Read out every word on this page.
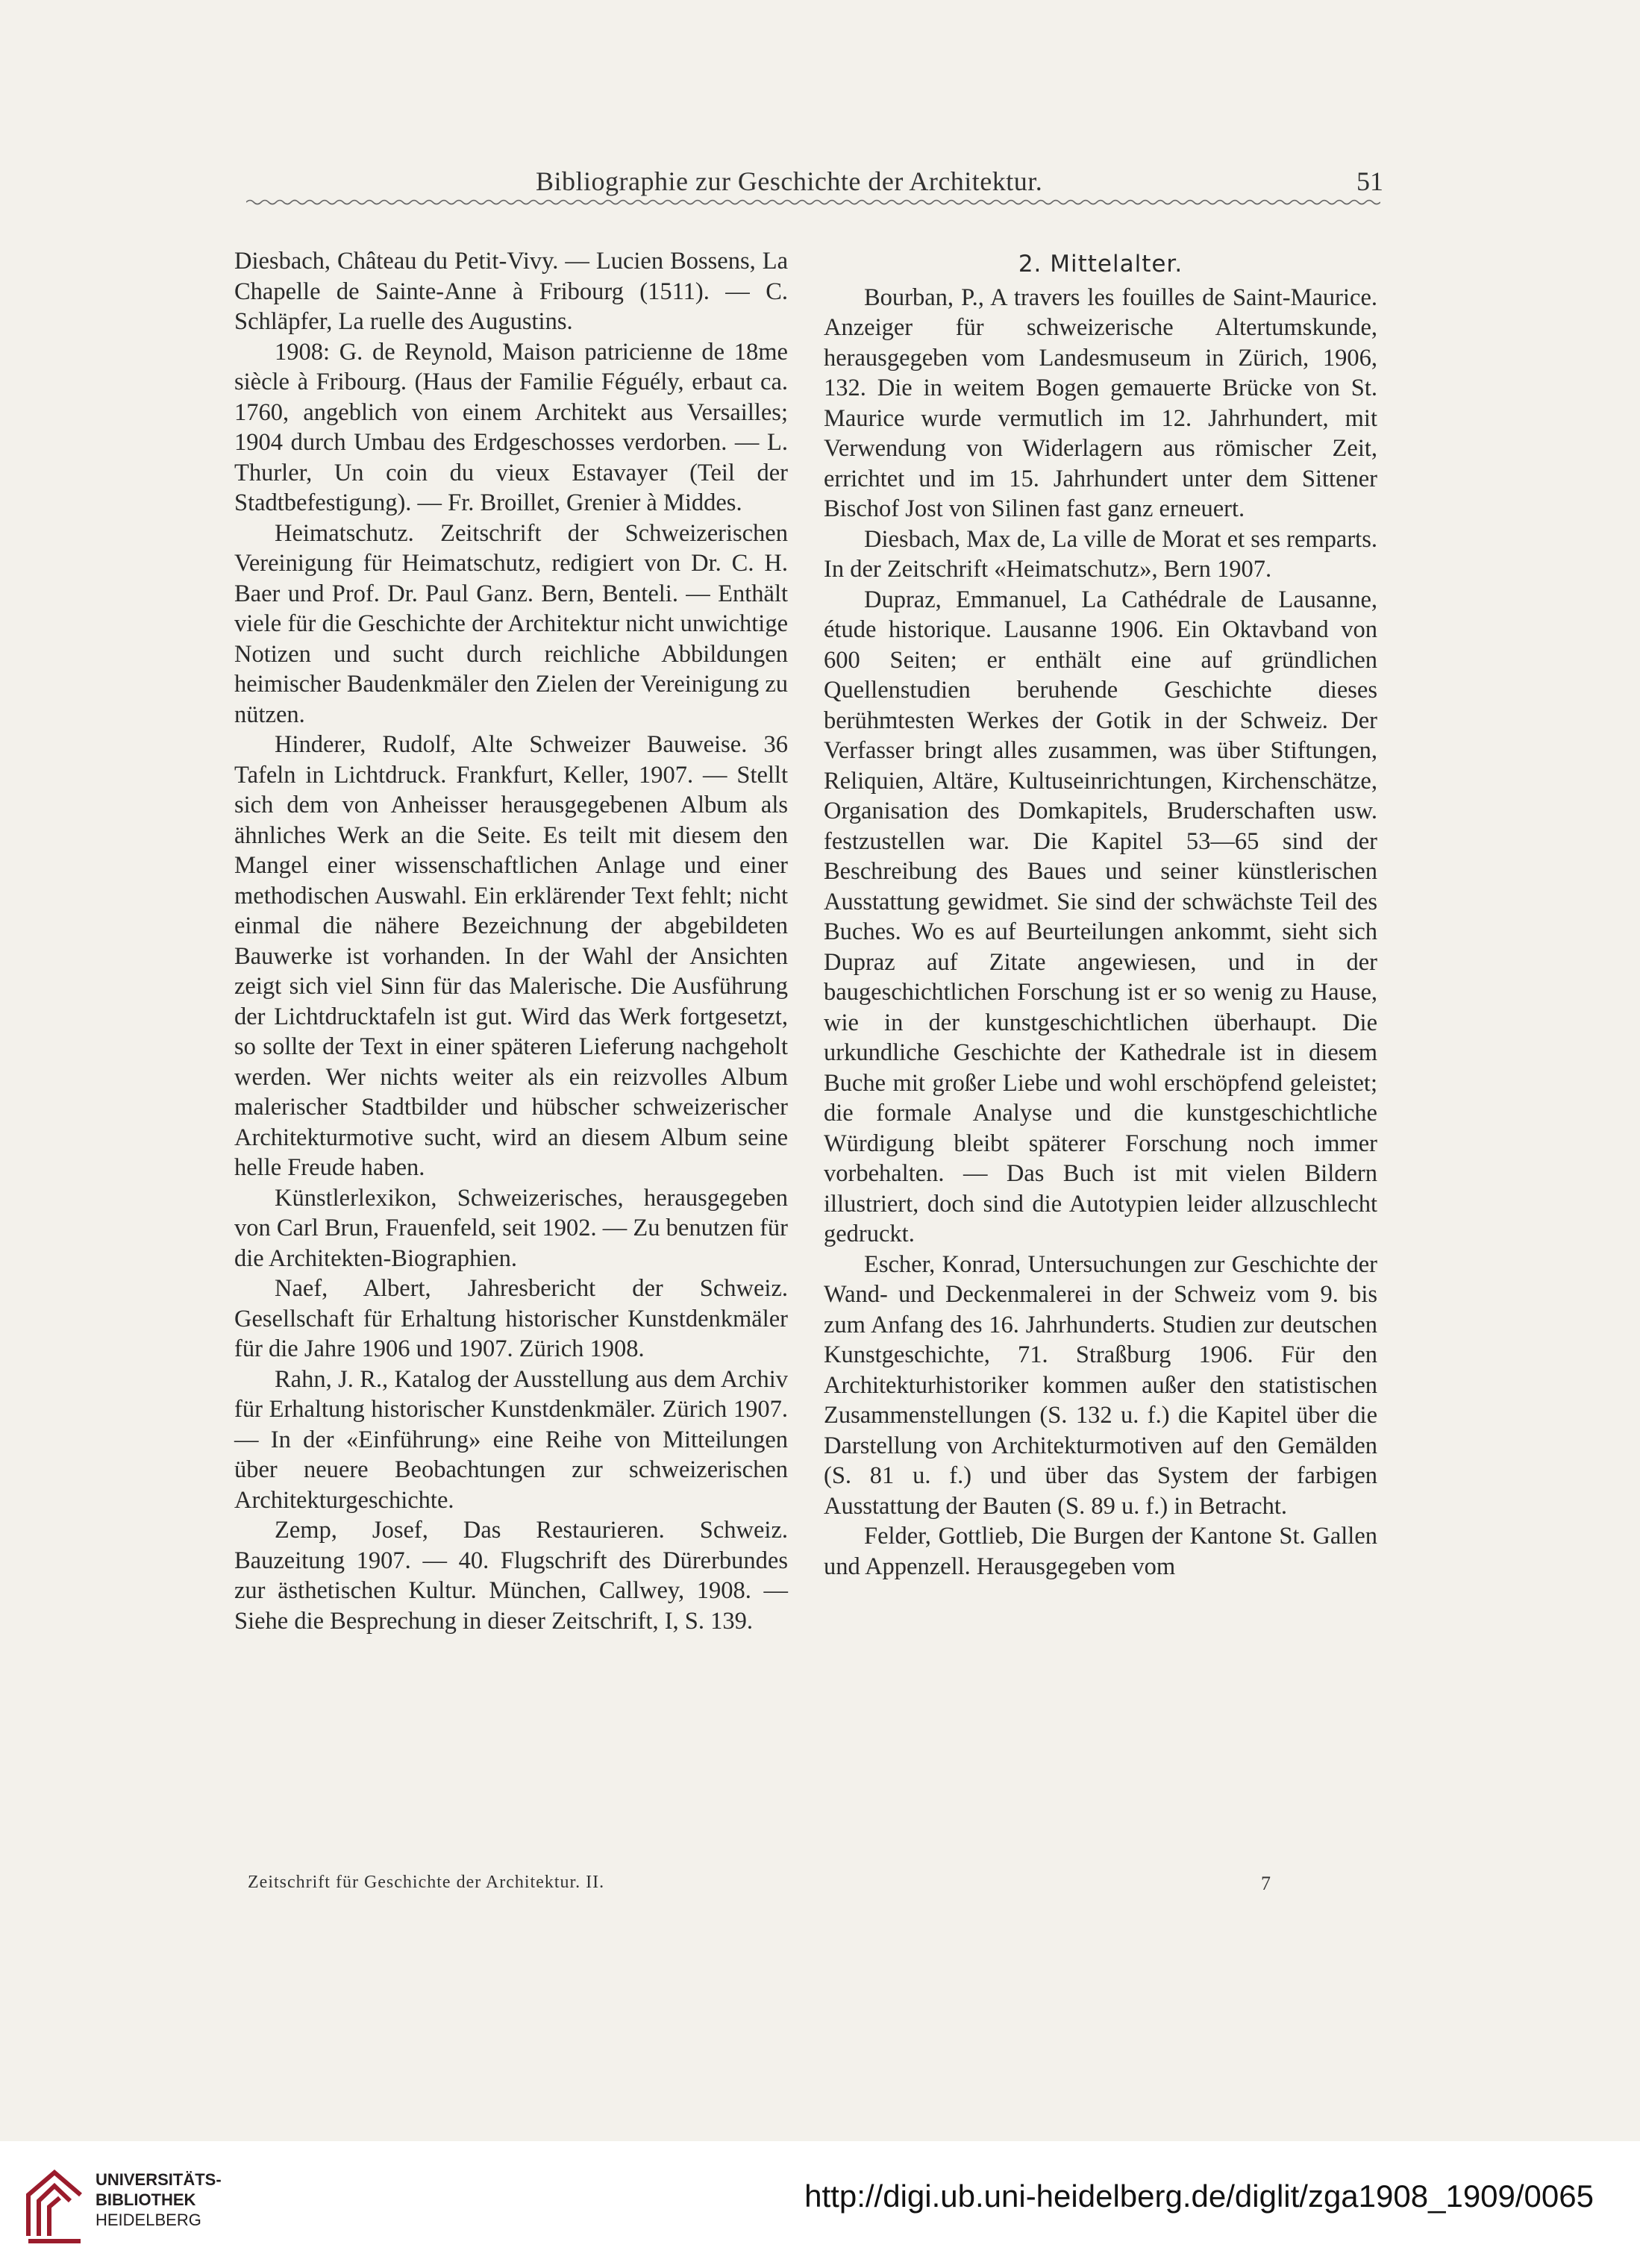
Bibliographie zur Geschichte der Architektur.	51

Diesbach, Château du Petit-Vivy. — Lucien Bossens, La Chapelle de Sainte-Anne à Fribourg (1511). — C. Schläpfer, La ruelle des Augustins.

1908: G. de Reynold, Maison patricienne de 18me siècle à Fribourg. (Haus der Familie Féguély, erbaut ca. 1760, angeblich von einem Architekt aus Versailles; 1904 durch Umbau des Erdgeschosses verdorben. — L. Thurler, Un coin du vieux Estavayer (Teil der Stadtbefestigung). — Fr. Broillet, Grenier à Middes.

Heimatschutz. Zeitschrift der Schweizerischen Vereinigung für Heimatschutz, redigiert von Dr. C. H. Baer und Prof. Dr. Paul Ganz. Bern, Benteli. — Enthält viele für die Geschichte der Architektur nicht unwichtige Notizen und sucht durch reichliche Abbildungen heimischer Baudenkmäler den Zielen der Vereinigung zu nützen.

Hinderer, Rudolf, Alte Schweizer Bauweise. 36 Tafeln in Lichtdruck. Frankfurt, Keller, 1907. — Stellt sich dem von Anheisser herausgegebenen Album als ähnliches Werk an die Seite. Es teilt mit diesem den Mangel einer wissenschaftlichen Anlage und einer methodischen Auswahl. Ein erklärender Text fehlt; nicht einmal die nähere Bezeichnung der abgebildeten Bauwerke ist vorhanden. In der Wahl der Ansichten zeigt sich viel Sinn für das Malerische. Die Ausführung der Lichtdrucktafeln ist gut. Wird das Werk fortgesetzt, so sollte der Text in einer späteren Lieferung nachgeholt werden. Wer nichts weiter als ein reizvolles Album malerischer Stadtbilder und hübscher schweizerischer Architekturmotive sucht, wird an diesem Album seine helle Freude haben.

Künstlerlexikon, Schweizerisches, herausgegeben von Carl Brun, Frauenfeld, seit 1902. — Zu benutzen für die Architekten-Biographien.

Naef, Albert, Jahresbericht der Schweiz. Gesellschaft für Erhaltung historischer Kunstdenkmäler für die Jahre 1906 und 1907. Zürich 1908.

Rahn, J. R., Katalog der Ausstellung aus dem Archiv für Erhaltung historischer Kunstdenkmäler. Zürich 1907. — In der «Einführung» eine Reihe von Mitteilungen über neuere Beobachtungen zur schweizerischen Architekturgeschichte.

Zemp, Josef, Das Restaurieren. Schweiz. Bauzeitung 1907. — 40. Flugschrift des Dürerbundes zur ästhetischen Kultur. München, Callwey, 1908. — Siehe die Besprechung in dieser Zeitschrift, I, S. 139.

2. Mittelalter.

Bourban, P., A travers les fouilles de Saint-Maurice. Anzeiger für schweizerische Altertumskunde, herausgegeben vom Landesmuseum in Zürich, 1906, 132. Die in weitem Bogen gemauerte Brücke von St. Maurice wurde vermutlich im 12. Jahrhundert, mit Verwendung von Widerlagern aus römischer Zeit, errichtet und im 15. Jahrhundert unter dem Sittener Bischof Jost von Silinen fast ganz erneuert.

Diesbach, Max de, La ville de Morat et ses remparts. In der Zeitschrift «Heimatschutz», Bern 1907.

Dupraz, Emmanuel, La Cathédrale de Lausanne, étude historique. Lausanne 1906. Ein Oktavband von 600 Seiten; er enthält eine auf gründlichen Quellenstudien beruhende Geschichte dieses berühmtesten Werkes der Gotik in der Schweiz. Der Verfasser bringt alles zusammen, was über Stiftungen, Reliquien, Altäre, Kultuseinrichtungen, Kirchenschätze, Organisation des Domkapitels, Bruderschaften usw. festzustellen war. Die Kapitel 53—65 sind der Beschreibung des Baues und seiner künstlerischen Ausstattung gewidmet. Sie sind der schwächste Teil des Buches. Wo es auf Beurteilungen ankommt, sieht sich Dupraz auf Zitate angewiesen, und in der baugeschichtlichen Forschung ist er so wenig zu Hause, wie in der kunstgeschichtlichen überhaupt. Die urkundliche Geschichte der Kathedrale ist in diesem Buche mit großer Liebe und wohl erschöpfend geleistet; die formale Analyse und die kunstgeschichtliche Würdigung bleibt späterer Forschung noch immer vorbehalten. — Das Buch ist mit vielen Bildern illustriert, doch sind die Autotypien leider allzuschlecht gedruckt.

Escher, Konrad, Untersuchungen zur Geschichte der Wand- und Deckenmalerei in der Schweiz vom 9. bis zum Anfang des 16. Jahrhunderts. Studien zur deutschen Kunstgeschichte, 71. Straßburg 1906. Für den Architekturhistoriker kommen außer den statistischen Zusammenstellungen (S. 132 u. f.) die Kapitel über die Darstellung von Architekturmotiven auf den Gemälden (S. 81 u. f.) und über das System der farbigen Ausstattung der Bauten (S. 89 u. f.) in Betracht.

Felder, Gottlieb, Die Burgen der Kantone St. Gallen und Appenzell. Herausgegeben vom

Zeitschrift für Geschichte der Architektur. II.	7
UNIVERSITÄTS-
BIBLIOTHEK
HEIDELBERG
http://digi.ub.uni-heidelberg.de/diglit/zga1908_1909/0065
